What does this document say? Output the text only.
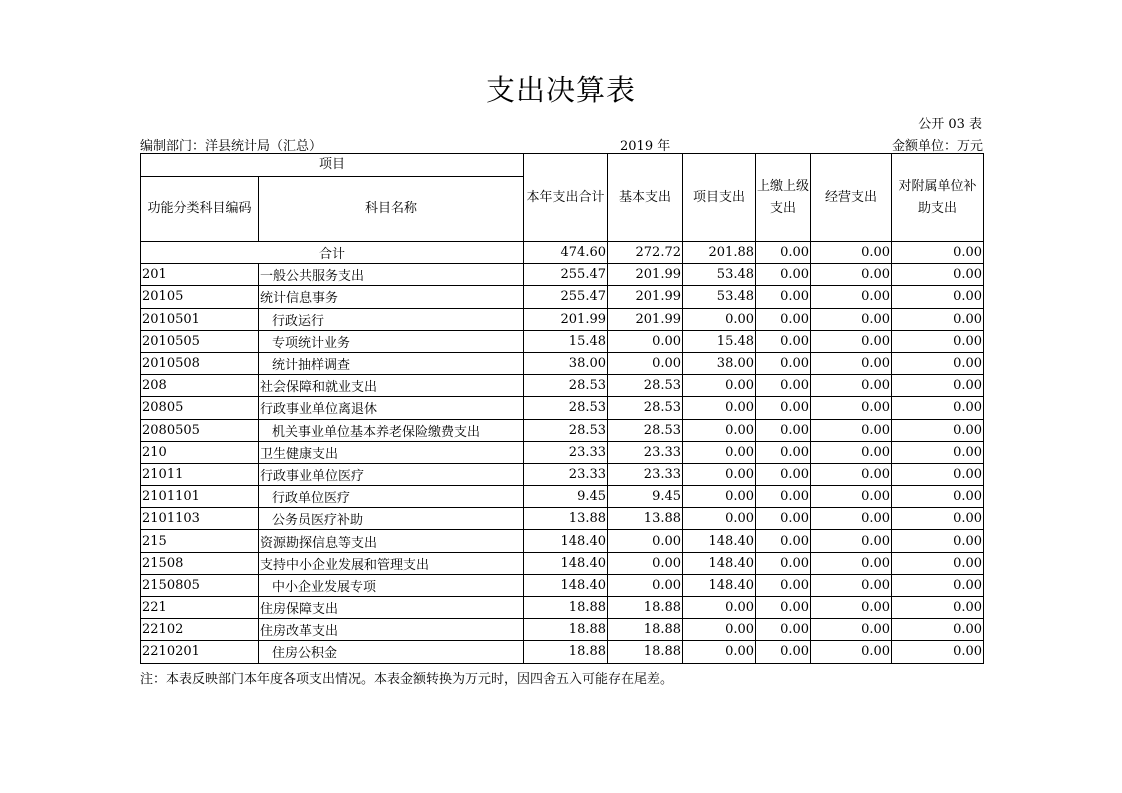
支出决算表
公开 03 表
编制部门：洋县统计局（汇总）	2019 年	金额单位：万元
项目		本年支出合计	基本支出	项目支出	上缴上级支出	经营支出	对附属单位补助支出
功能分类科目编码	科目名称						
合计		474.60	272.72	201.88	0.00	0.00	0.00
201	一般公共服务支出	255.47	201.99	53.48	0.00	0.00	0.00
20105	统计信息事务	255.47	201.99	53.48	0.00	0.00	0.00
2010501	行政运行	201.99	201.99	0.00	0.00	0.00	0.00
2010505	专项统计业务	15.48	0.00	15.48	0.00	0.00	0.00
2010508	统计抽样调查	38.00	0.00	38.00	0.00	0.00	0.00
208	社会保障和就业支出	28.53	28.53	0.00	0.00	0.00	0.00
20805	行政事业单位离退休	28.53	28.53	0.00	0.00	0.00	0.00
2080505	机关事业单位基本养老保险缴费支出	28.53	28.53	0.00	0.00	0.00	0.00
210	卫生健康支出	23.33	23.33	0.00	0.00	0.00	0.00
21011	行政事业单位医疗	23.33	23.33	0.00	0.00	0.00	0.00
2101101	行政单位医疗	9.45	9.45	0.00	0.00	0.00	0.00
2101103	公务员医疗补助	13.88	13.88	0.00	0.00	0.00	0.00
215	资源勘探信息等支出	148.40	0.00	148.40	0.00	0.00	0.00
21508	支持中小企业发展和管理支出	148.40	0.00	148.40	0.00	0.00	0.00
2150805	中小企业发展专项	148.40	0.00	148.40	0.00	0.00	0.00
221	住房保障支出	18.88	18.88	0.00	0.00	0.00	0.00
22102	住房改革支出	18.88	18.88	0.00	0.00	0.00	0.00
2210201	住房公积金	18.88	18.88	0.00	0.00	0.00	0.00
注：本表反映部门本年度各项支出情况。本表金额转换为万元时，因四舍五入可能存在尾差。
